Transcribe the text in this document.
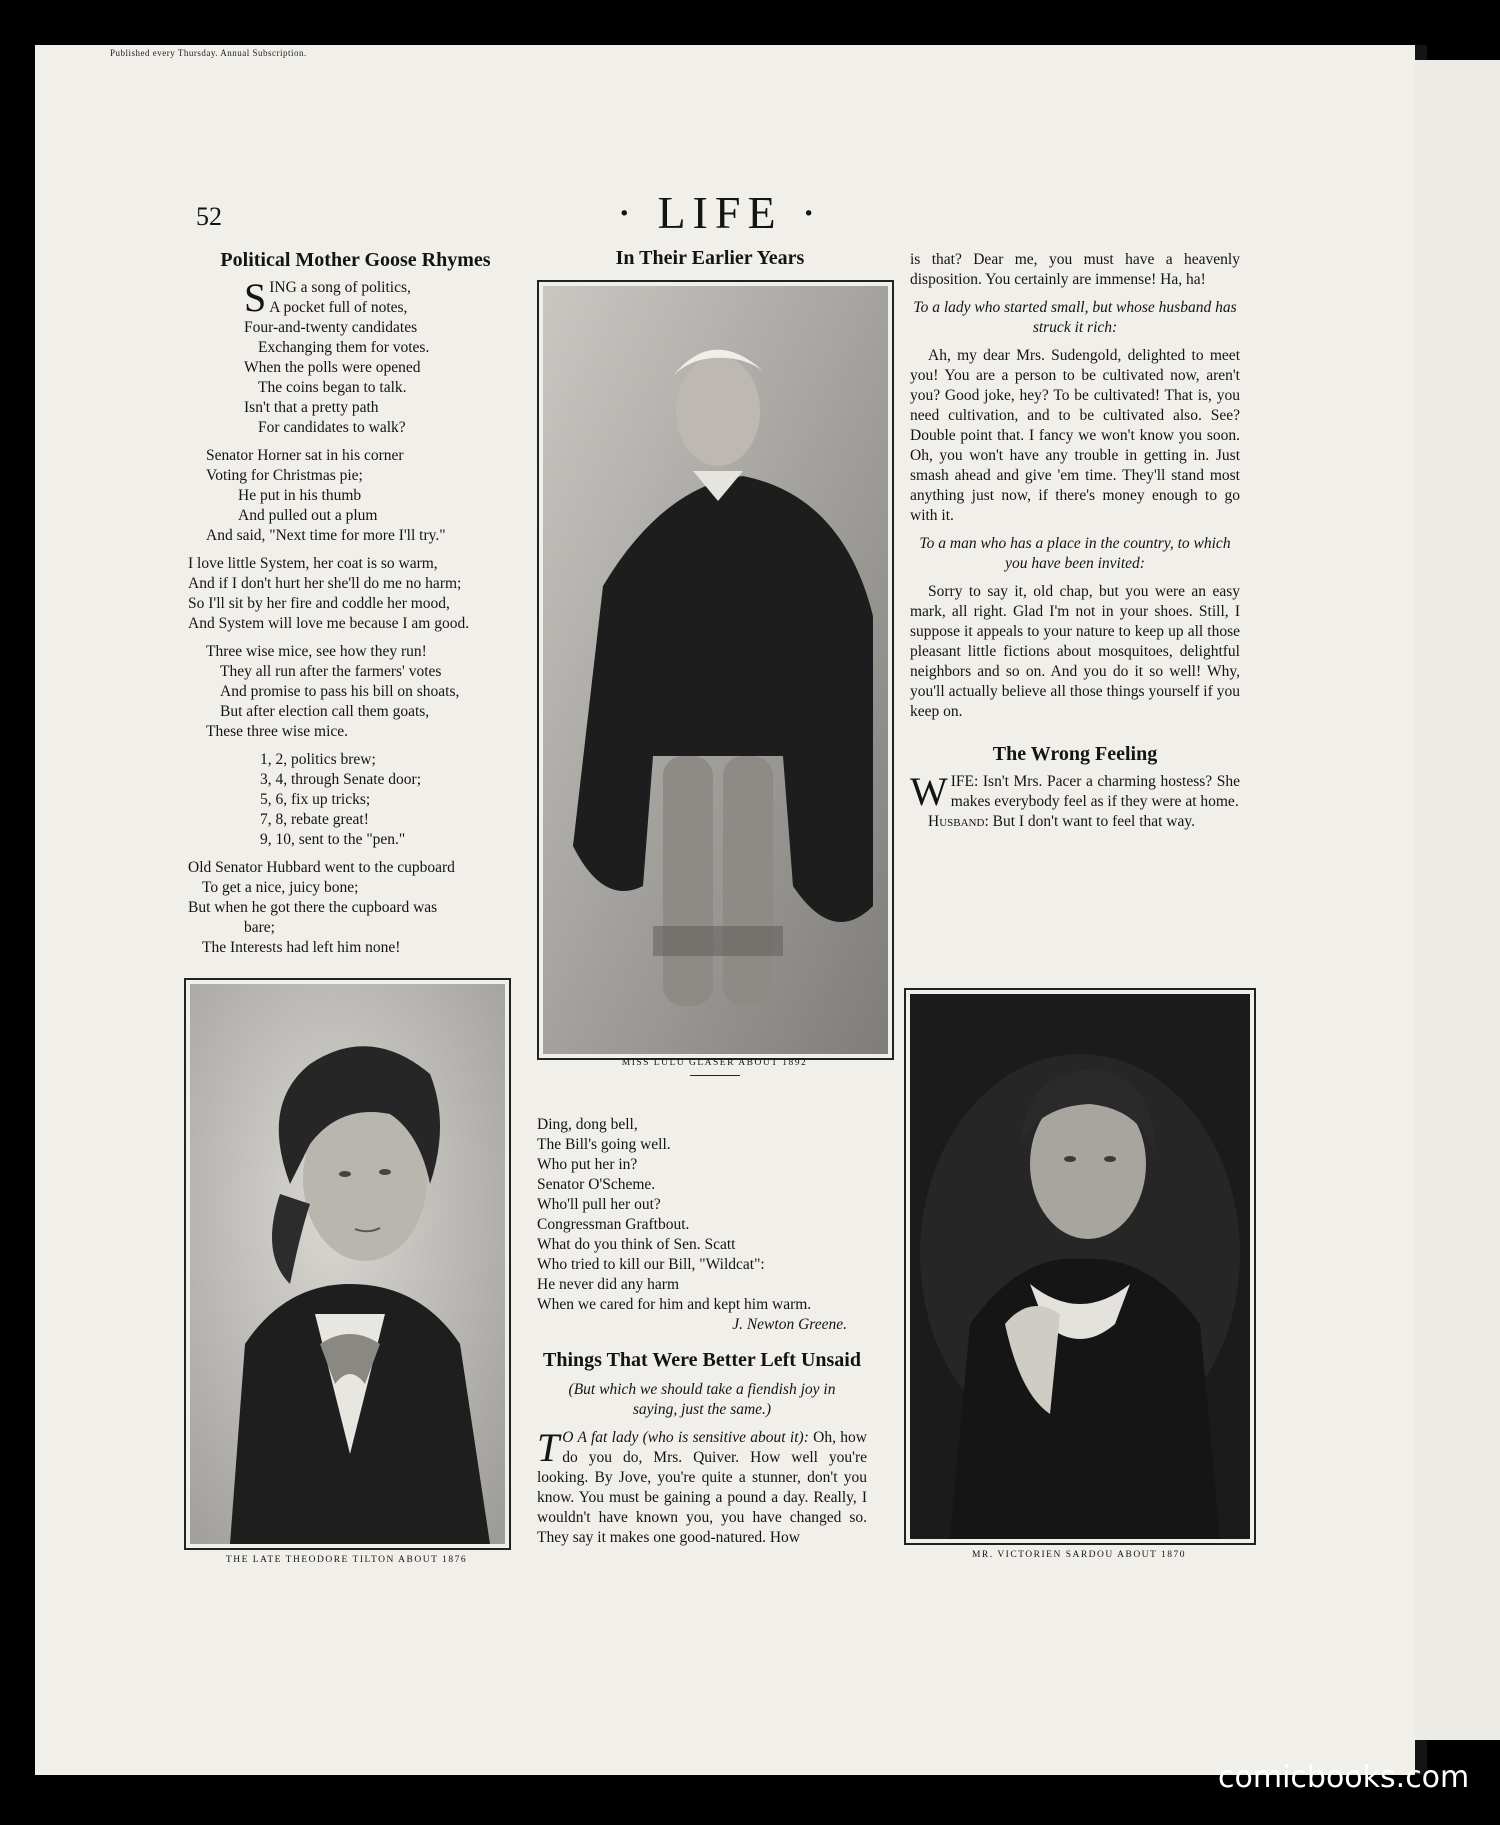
Published every Thursday. Annual Subscription.
52	· LIFE ·
Political Mother Goose Rhymes
S ING a song of politics,
A pocket full of notes,
Four-and-twenty candidates
Exchanging them for votes.
When the polls were opened
The coins began to talk.
Isn't that a pretty path
For candidates to walk?
Senator Horner sat in his corner
Voting for Christmas pie;
He put in his thumb
And pulled out a plum
And said, "Next time for more I'll try."
I love little System, her coat is so warm,
And if I don't hurt her she'll do me no harm;
So I'll sit by her fire and coddle her mood,
And System will love me because I am good.
Three wise mice, see how they run!
They all run after the farmers' votes
And promise to pass his bill on shoats,
But after election call them goats,
These three wise mice.
1, 2, politics brew;
3, 4, through Senate door;
5, 6, fix up tricks;
7, 8, rebate great!
9, 10, sent to the "pen."
Old Senator Hubbard went to the cupboard
To get a nice, juicy bone;
But when he got there the cupboard was
bare;
The Interests had left him none!
THE LATE THEODORE TILTON ABOUT 1876
In Their Earlier Years
MISS LULU GLASER ABOUT 1892
Ding, dong bell,
The Bill's going well.
Who put her in?
Senator O'Scheme.
Who'll pull her out?
Congressman Graftbout.
What do you think of Sen. Scatt
Who tried to kill our Bill, "Wildcat":
He never did any harm
When we cared for him and kept him warm.
J. Newton Greene.
Things That Were Better Left Unsaid

(But which we should take a fiendish joy in saying, just the same.)

T O A fat lady (who is sensitive about it): Oh, how do you do, Mrs. Quiver. How well you're looking. By Jove, you're quite a stunner, don't you know. You must be gaining a pound a day. Really, I wouldn't have known you, you have changed so. They say it makes one good-natured. How

is that? Dear me, you must have a heavenly disposition. You certainly are immense! Ha, ha!

To a lady who started small, but whose husband has struck it rich:

Ah, my dear Mrs. Sudengold, delighted to meet you! You are a person to be cultivated now, aren't you? Good joke, hey? To be cultivated! That is, you need cultivation, and to be cultivated also. See? Double point that. I fancy we won't know you soon. Oh, you won't have any trouble in getting in. Just smash ahead and give 'em time. They'll stand most anything just now, if there's money enough to go with it.

To a man who has a place in the country, to which you have been invited:

Sorry to say it, old chap, but you were an easy mark, all right. Glad I'm not in your shoes. Still, I suppose it appeals to your nature to keep up all those pleasant little fictions about mosquitoes, delightful neighbors and so on. And you do it so well! Why, you'll actually believe all those things yourself if you keep on.

The Wrong Feeling

W IFE: Isn't Mrs. Pacer a charming hostess? She makes everybody feel as if they were at home.

Husband: But I don't want to feel that way.

MR. VICTORIEN SARDOU ABOUT 1870
comicbooks.com
